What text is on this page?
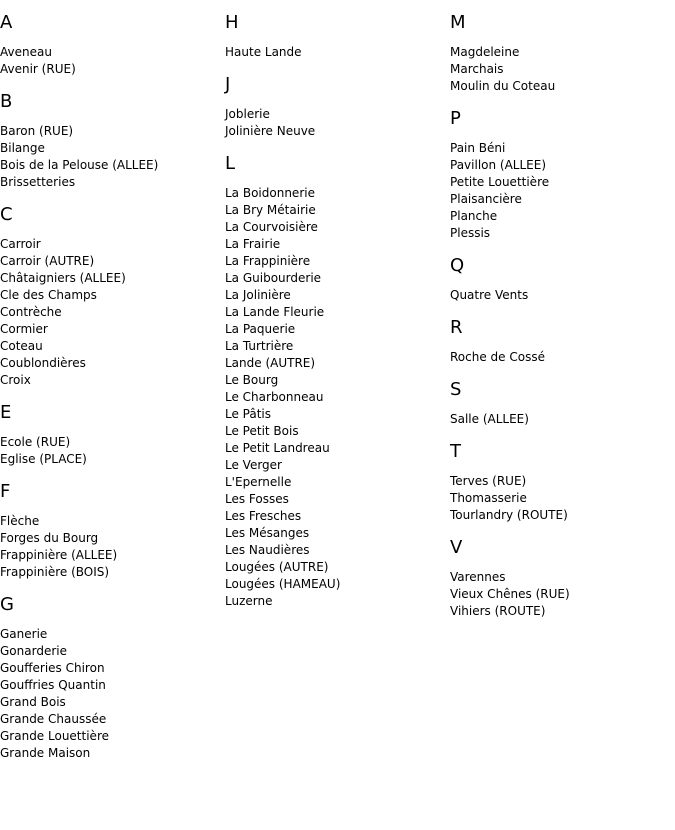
A
Aveneau
Avenir (RUE)
B
Baron (RUE)
Bilange
Bois de la Pelouse (ALLEE)
Brissetteries
C
Carroir
Carroir (AUTRE)
Châtaigniers (ALLEE)
Cle des Champs
Contrèche
Cormier
Coteau
Coublondières
Croix
E
Ecole (RUE)
Eglise (PLACE)
F
Flèche
Forges du Bourg
Frappinière (ALLEE)
Frappinière (BOIS)
G
Ganerie
Gonarderie
Goufferies Chiron
Gouffries Quantin
Grand Bois
Grande Chaussée
Grande Louettière
Grande Maison
H
Haute Lande
J
Joblerie
Jolinière Neuve
L
La Boidonnerie
La Bry Métairie
La Courvoisière
La Frairie
La Frappinière
La Guibourderie
La Jolinière
La Lande Fleurie
La Paquerie
La Turtrière
Lande (AUTRE)
Le Bourg
Le Charbonneau
Le Pâtis
Le Petit Bois
Le Petit Landreau
Le Verger
L'Epernelle
Les Fosses
Les Fresches
Les Mésanges
Les Naudières
Lougées (AUTRE)
Lougées (HAMEAU)
Luzerne
M
Magdeleine
Marchais
Moulin du Coteau
P
Pain Béni
Pavillon (ALLEE)
Petite Louettière
Plaisancière
Planche
Plessis
Q
Quatre Vents
R
Roche de Cossé
S
Salle (ALLEE)
T
Terves (RUE)
Thomasserie
Tourlandry (ROUTE)
V
Varennes
Vieux Chênes (RUE)
Vihiers (ROUTE)
